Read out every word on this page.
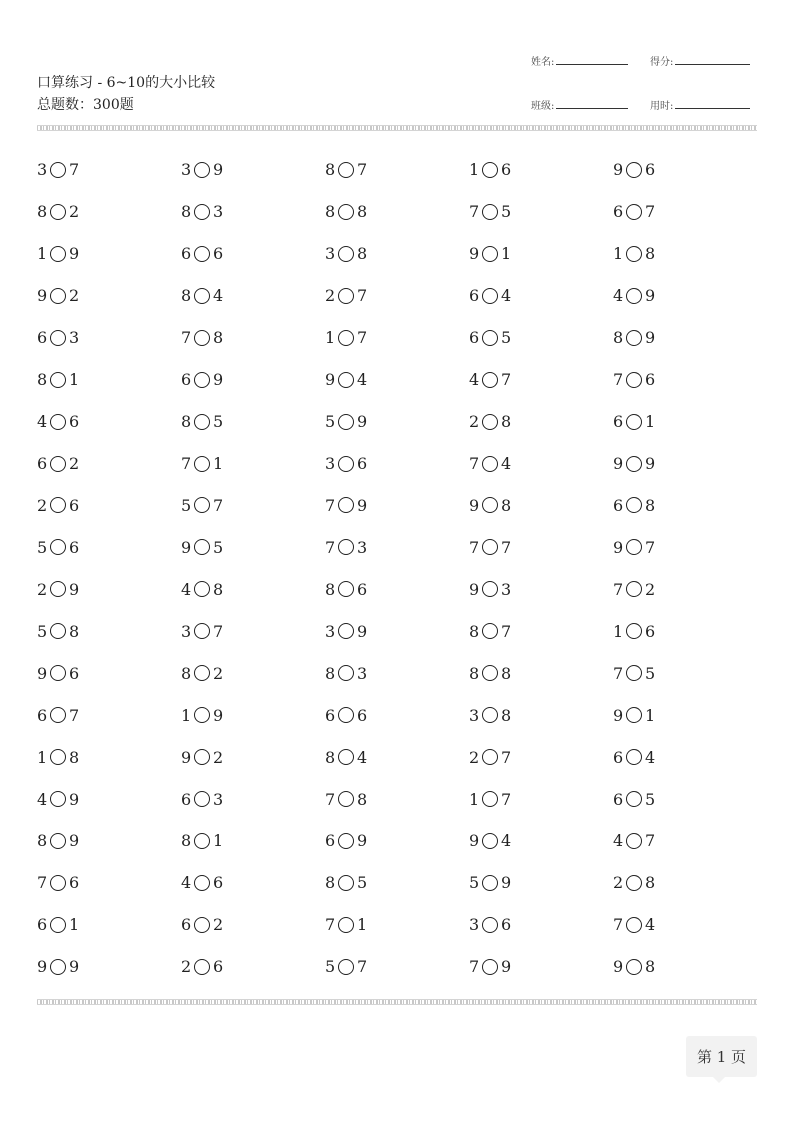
口算练习 - 6~10的大小比较
总题数：300题
姓名:	得分:
班级:	用时:
3 7	3 9	8 7	1 6	9 6
8 2	8 3	8 8	7 5	6 7
1 9	6 6	3 8	9 1	1 8
9 2	8 4	2 7	6 4	4 9
6 3	7 8	1 7	6 5	8 9
8 1	6 9	9 4	4 7	7 6
4 6	8 5	5 9	2 8	6 1
6 2	7 1	3 6	7 4	9 9
2 6	5 7	7 9	9 8	6 8
5 6	9 5	7 3	7 7	9 7
2 9	4 8	8 6	9 3	7 2
5 8	3 7	3 9	8 7	1 6
9 6	8 2	8 3	8 8	7 5
6 7	1 9	6 6	3 8	9 1
1 8	9 2	8 4	2 7	6 4
4 9	6 3	7 8	1 7	6 5
8 9	8 1	6 9	9 4	4 7
7 6	4 6	8 5	5 9	2 8
6 1	6 2	7 1	3 6	7 4
9 9	2 6	5 7	7 9	9 8
第 1 页
